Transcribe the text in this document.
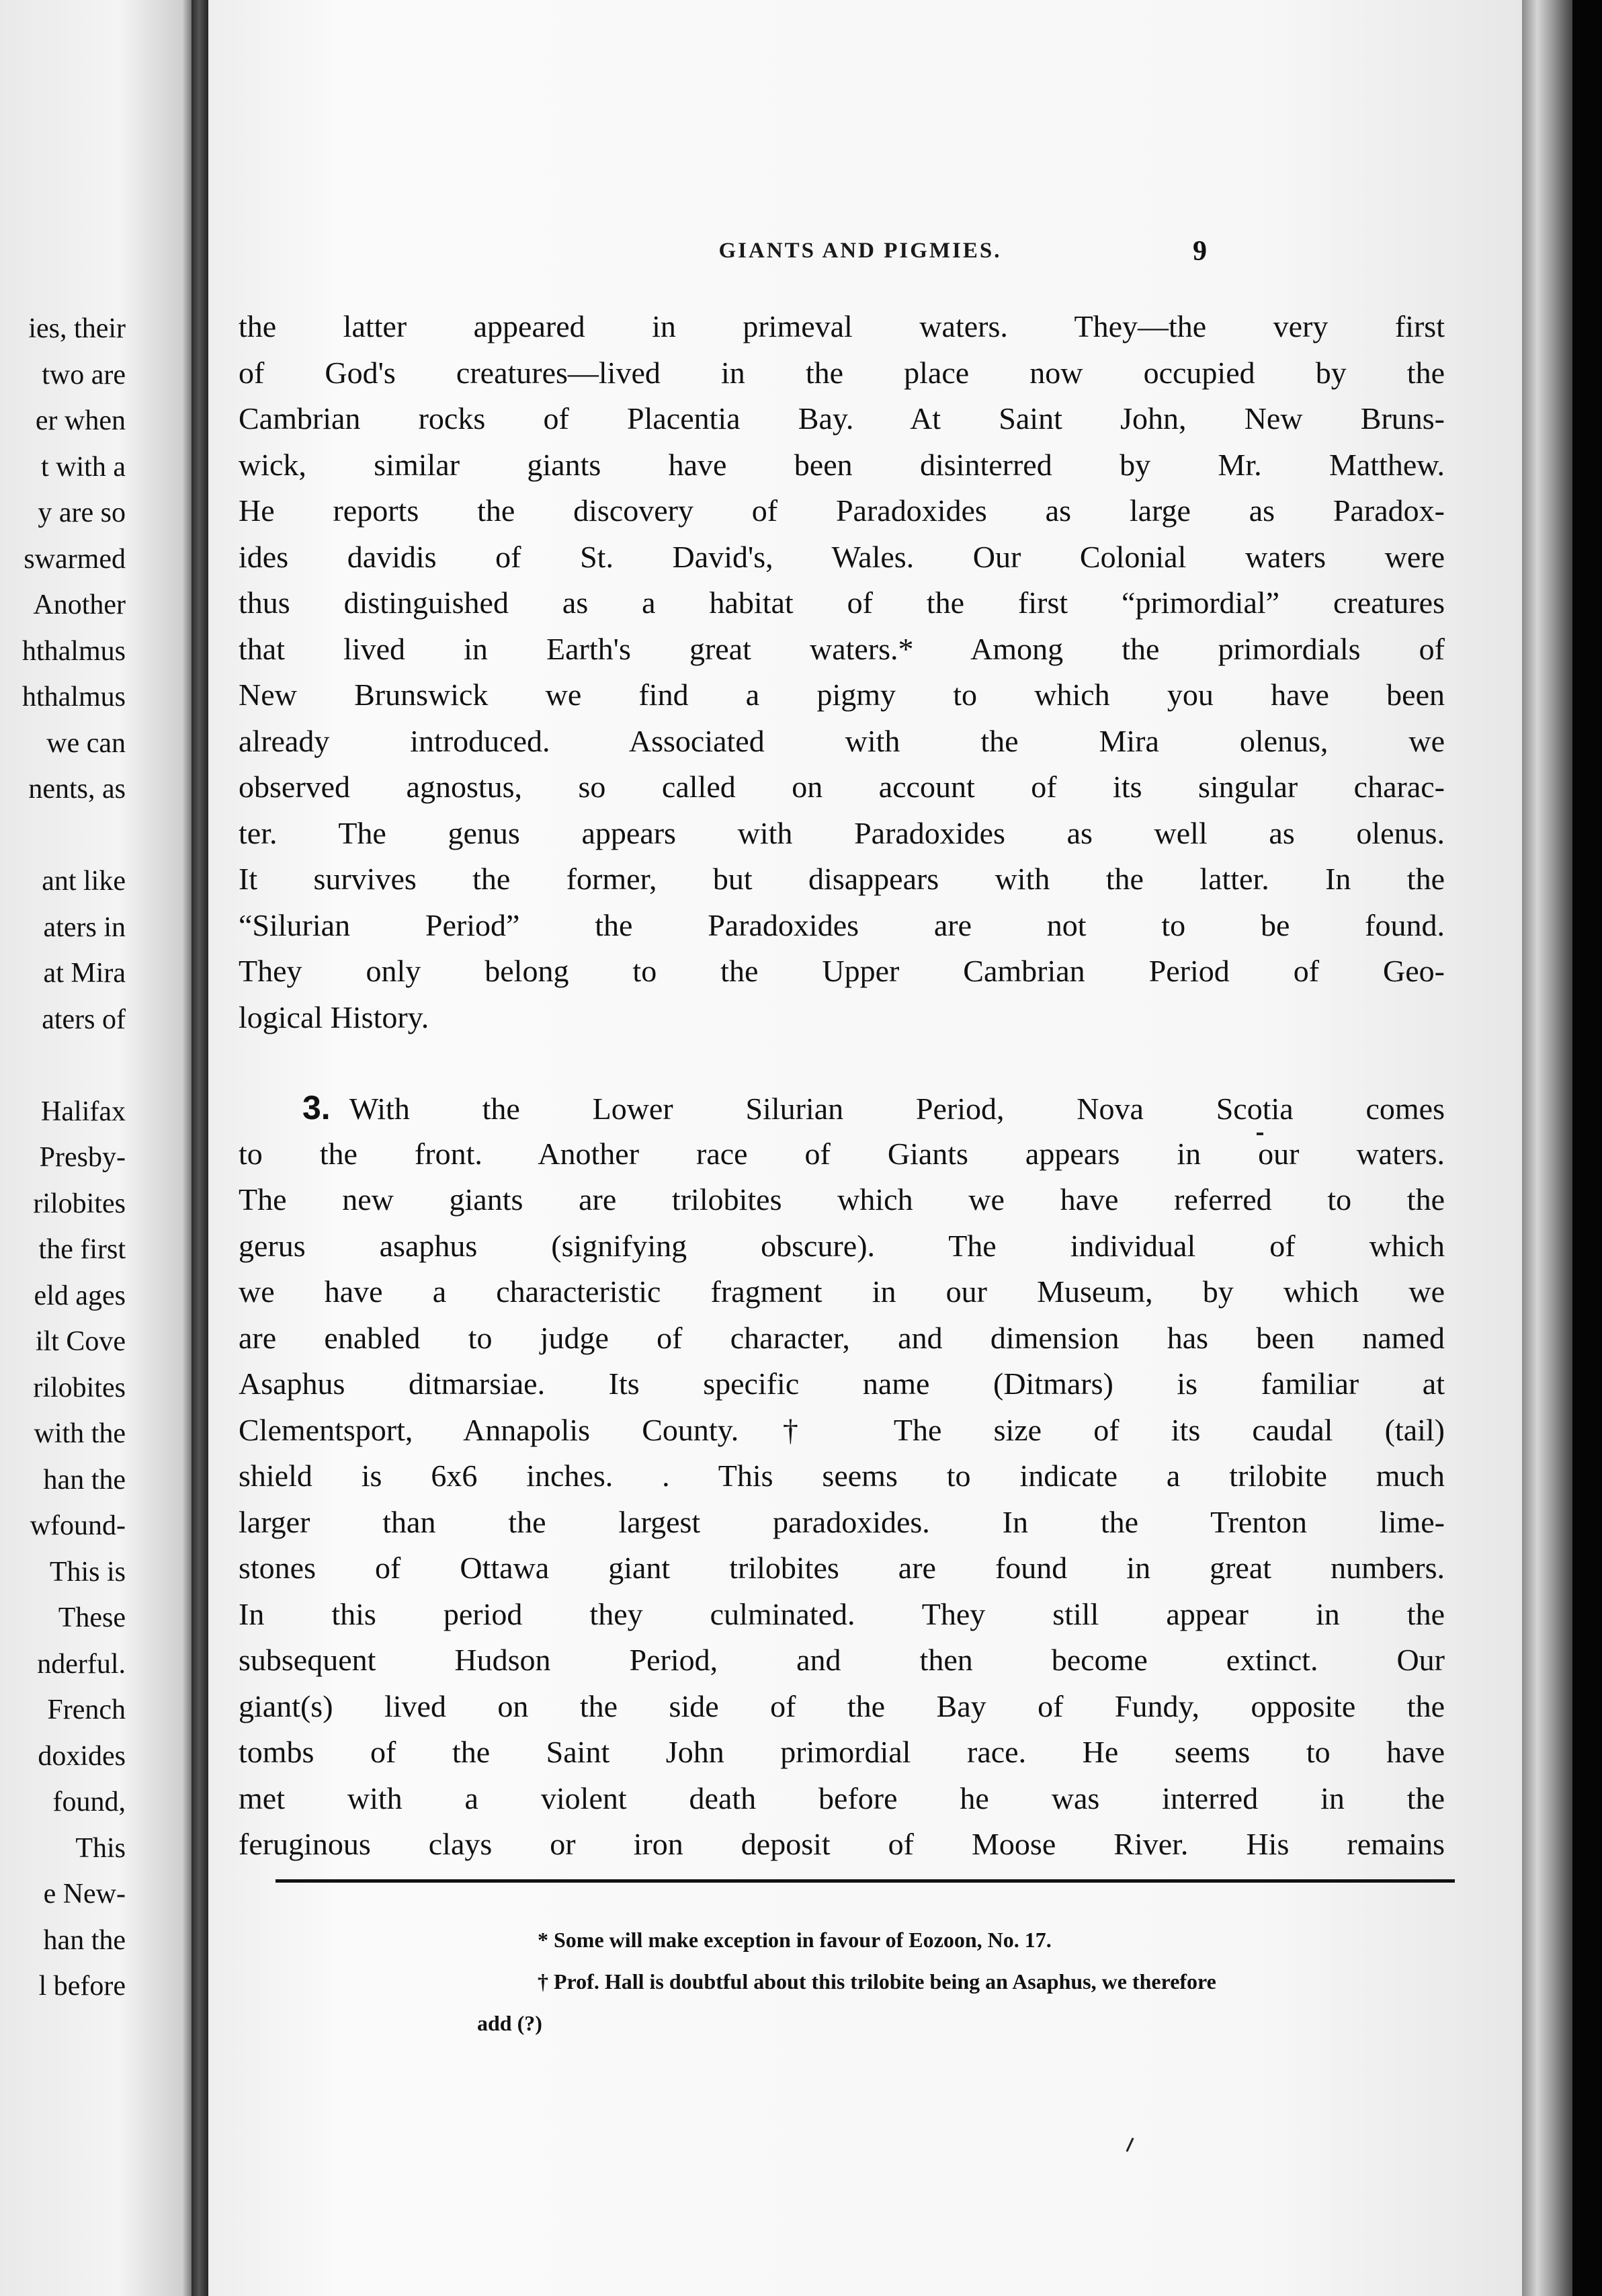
ies, their
two are
er when
t with a
y are so
swarmed
Another
hthalmus
hthalmus
we can
nents, as
ant like
aters in
at Mira
aters of
Halifax
Presby-
rilobites
the first
eld ages
ilt Cove
rilobites
with the
han the
wfound-
This is
These
nderful.
French
doxides
found,
This
e New-
han the
l before
GIANTS AND PIGMIES.	9
the latter appeared in primeval waters. They—the very first
of God's creatures—lived in the place now occupied by the
Cambrian rocks of Placentia Bay. At Saint John, New Bruns-
wick, similar giants have been disinterred by Mr. Matthew.
He reports the discovery of Paradoxides as large as Paradox-
ides davidis of St. David's, Wales. Our Colonial waters were
thus distinguished as a habitat of the first “primordial” creatures
that lived in Earth's great waters.* Among the primordials of
New Brunswick we find a pigmy to which you have been
already introduced. Associated with the Mira olenus, we
observed agnostus, so called on account of its singular charac-
ter. The genus appears with Paradoxides as well as olenus.
It survives the former, but disappears with the latter. In the
“Silurian Period” the Paradoxides are not to be found.
They only belong to the Upper Cambrian Period of Geo-
logical History.
3. With the Lower Silurian Period, Nova Scotia comes
to the front. Another race of Giants appears in our waters.
The new giants are trilobites which we have referred to the
gerus asaphus (signifying obscure). The individual of which
we have a characteristic fragment in our Museum, by which we
are enabled to judge of character, and dimension has been named
Asaphus ditmarsiae. Its specific name (Ditmars) is familiar at
Clementsport, Annapolis County.† The size of its caudal (tail)
shield is 6x6 inches. . This seems to indicate a trilobite much
larger than the largest paradoxides. In the Trenton lime-
stones of Ottawa giant trilobites are found in great numbers.
In this period they culminated. They still appear in the
subsequent Hudson Period, and then become extinct. Our
giant(s) lived on the side of the Bay of Fundy, opposite the
tombs of the Saint John primordial race. He seems to have
met with a violent death before he was interred in the
feruginous clays or iron deposit of Moose River. His remains
* Some will make exception in favour of Eozoon, No. 17.
† Prof. Hall is doubtful about this trilobite being an Asaphus, we therefore
add (?)
